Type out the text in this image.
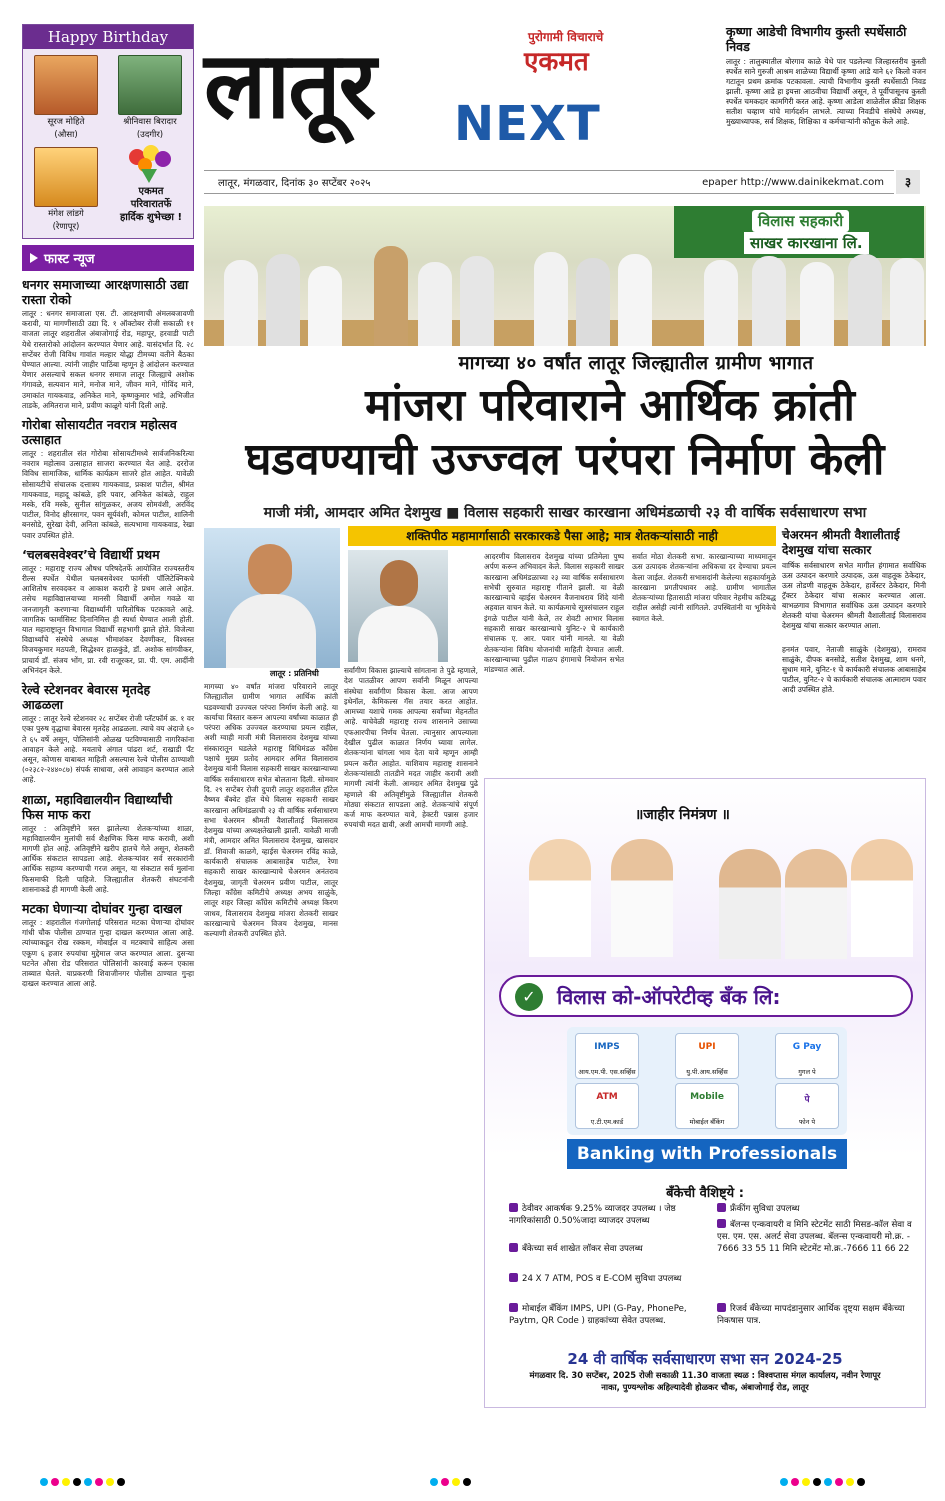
Happy Birthday
सूरज मोहिते
(औसा)
श्रीनिवास बिरादार
(उदगीर)
मंगेश लांडगे
(रेणापूर)
एकमत
परिवारातर्फे
हार्दिक शुभेच्छा !
फास्ट न्यूज
धनगर समाजाच्या आरक्षणासाठी उद्या रास्ता रोको
लातूर : धनगर समाजाला एस. टी. आरक्षणाची अंमलबजावणी करावी, या मागणीसाठी उद्या दि. १ ऑक्टोबर रोजी सकाळी ११ वाजता लातूर शहरातील अंबाजोगाई रोड, महापूर, हरवाडी पाटी येथे रास्तारोको आंदोलन करण्यात येणार आहे. यासंदर्भात दि. २८ सप्टेंबर रोजी विविध गावांत मल्हार योद्धा टीमच्या वतीने बैठका घेण्यात आल्या. त्यांनी जाहीर पाठिंबा म्हणून हे आंदोलन करण्यात येणार असल्याचे सकल धनगर समाज लातूर जिल्ह्याचे अशोक गंगावळे, सत्यवान माने, मनोज माने, जीवन माने, गोविंद माने, उमाकांत गायकवाड, अनिकेत माने, कृष्णकुमार भांडे, अभिजीत ताडके, अमितराज माने, प्रवीण काळूगे यांनी दिली आहे.
गोरोबा सोसायटीत नवरात्र महोत्सव उत्साहात
लातूर : शहरातील संत गोरोबा सोसायटीमध्ये सार्वजनिकरित्या नवरात्र महोत्सव उत्साहात साजरा करण्यात येत आहे. दररोज विविध सामाजिक, धार्मिक कार्यक्रम साजरे होत आहेत. यावेळी सोसायटीचे संचालक दत्तात्रय गायकवाड, प्रकाश पाटील, श्रीमंत गायकवाड, महादू कांबळे, हरि पवार, अनिकेत कांबळे, राहुल मस्के, रवि मस्के, सुनील सांगुळकर, अजय सोमवंशी, अरविंद पाटील, विनोद क्षीरसागर, पवन सूर्यवंशी, कोमल पाटील, शालिनी बनसोडे, सुरेखा देवी, अनिता कांबळे, सत्यभामा गायकवाड, रेखा पवार उपस्थित होते.
‘चलबसवेश्वर’चे विद्यार्थी प्रथम
लातूर : महाराष्ट्र राज्य औषध परिषदेतर्फे आयोजित राज्यस्तरीय रील्स स्पर्धेत येथील चलबसवेश्वर फार्मसी पॉलिटेक्निकचे आशितोष सरवदकर व आकाश कदारी हे प्रथम आले आहेत. तसेच महाविद्यालयाच्या मानसी विद्यार्थी अमोल गवळे या जनजागृती करणाऱ्या विद्यार्थ्यांनी पारितोषिक पटकावले आहे. जागतिक फार्मासिस्ट दिनानिमित्त ही स्पर्धा घेण्यात आली होती. यात महाराष्ट्रातून विभागात विद्यार्थी सहभागी झाले होते. विजेत्या विद्यार्थ्यांचे संस्थेचे अध्यक्ष भीमाशंकर देवणीकर, विश्वस्त विजयकुमार मठपती, सिद्धेश्वर हाळकुंडे, डॉ. अशोक सांगवीकर, प्राचार्य डॉ. संजय भोंग, प्रा. रवी राजूरकर, प्रा. पी. एम. आदींनी अभिनंदन केले.
रेल्वे स्टेशनवर बेवारस मृतदेह आढळला
लातूर : लातूर रेल्वे स्टेशनवर २८ सप्टेंबर रोजी प्लॅटफॉर्म क्र. १ वर एका पुरुष वृद्धाचा बेवारस मृतदेह आढळला. त्याचे वय अंदाजे ६० ते ६५ वर्षे असून, पोलिसांनी ओळख पटविण्यासाठी नागरिकांना आवाहन केले आहे. मयताचे अंगात पांढरा शर्ट, राखाडी पँट असून, कोणास याबाबत माहिती असल्यास रेल्वे पोलीस ठाण्याशी (०२३८२-२४४०८७) संपर्क साधावा, असे आवाहन करण्यात आले आहे.
शाळा, महाविद्यालयीन विद्यार्थ्यांची फिस माफ करा
लातूर : अतिवृष्टीने त्रस्त झालेल्या शेतकऱ्यांच्या शाळा, महाविद्यालयीन मुलांची सर्व शैक्षणिक फिस माफ करावी, अशी मागणी होत आहे. अतिवृष्टीने खरीप हातचे गेले असून, शेतकरी आर्थिक संकटात सापडला आहे. शेतकऱ्यांवर सर्व सरकारांनी आर्थिक सहाय्य करण्याची गरज असून, या संकटात सर्व मुलांना फिसमाफी दिली पाहिजे. जिल्ह्यातील शेतकरी संघटनांनी शासनाकडे ही मागणी केली आहे.
मटका घेणाऱ्या दोघांवर गुन्हा दाखल
लातूर : शहरातील गंजगोलाई परिसरात मटका घेणाऱ्या दोघांवर गांधी चौक पोलीस ठाण्यात गुन्हा दाखल करण्यात आला आहे. त्यांच्याकडून रोख रक्कम, मोबाईल व मटक्याचे साहित्य असा एकूण ६ हजार रुपयांचा मुद्देमाल जप्त करण्यात आला. दुसऱ्या घटनेत औसा रोड परिसरात पोलिसांनी कारवाई करून एकास ताब्यात घेतले. याप्रकरणी शिवाजीनगर पोलीस ठाण्यात गुन्हा दाखल करण्यात आला आहे.
लातूर	पुरोगामी विचाराचे
एकमत
NEXT
लातूर, मंगळवार, दिनांक ३० सप्टेंबर २०२५	epaper http://www.dainikekmat.com	३
कृष्णा आडेची विभागीय कुस्ती स्पर्धेसाठी निवड
लातूर : तालुक्यातील बोरगाव काळे येथे पार पडलेल्या जिल्हास्तरीय कुस्ती स्पर्धेत साने गुरुजी आश्रम शाळेच्या विद्यार्थी कृष्णा आडे याने ६२ किलो वजन गटातून प्रथम क्रमांक पटकावला. त्याची विभागीय कुस्ती स्पर्धेसाठी निवड झाली. कृष्णा आडे हा इयत्ता आठवीचा विद्यार्थी असून, ते पूर्वीपासूनच कुस्ती स्पर्धेत चमकदार कामगिरी करत आहे. कृष्णा आडेला शाळेतील क्रीडा शिक्षक सतीश चव्हाण यांचे मार्गदर्शन लाभले. त्याच्या निवडीचे संस्थेचे अध्यक्ष, मुख्याध्यापक, सर्व शिक्षक, शिक्षिका व कर्मचाऱ्यांनी कौतुक केले आहे.
विलास सहकारी
साखर कारखाना लि.
मागच्या ४० वर्षांत लातूर जिल्ह्यातील ग्रामीण भागात
मांजरा परिवाराने आर्थिक क्रांती
घडवण्याची उज्ज्वल परंपरा निर्माण केली
माजी मंत्री, आमदार अमित देशमुख ■ विलास सहकारी साखर कारखाना अधिमंडळाची २३ वी वार्षिक सर्वसाधारण सभा
शक्तिपीठ महामार्गासाठी सरकारकडे पैसा आहे; मात्र शेतकऱ्यांसाठी नाही
लातूर : प्रतिनिधी
चेअरमन श्रीमती वैशालीताई देशमुख यांचा सत्कार
वार्षिक सर्वसाधारण सभेत मागील हंगामात सर्वाधिक ऊस उत्पादन करणारे उत्पादक, ऊस वाहतूक ठेकेदार, ऊस तोडणी वाहतूक ठेकेदार, हार्वेस्टर ठेकेदार, मिनी ट्रॅक्टर ठेकेदार यांचा सत्कार करण्यात आला. बाभळगाव विभागात सर्वाधिक ऊस उत्पादन करणारे शेतकरी यांचा चेअरमन श्रीमती वैशालीताई विलासराव देशमुख यांचा सत्कार करण्यात आला.
हनमंत पवार, नेताजी साळुंके (देशमुख), रामराव साळुंके, दीपक बनसोडे, सतीश देशमुख, शाम धनगे, सुधाम माने, युनिट-१ चे कार्यकारी संचालक आबासाहेब पाटील, युनिट-२ चे कार्यकारी संचालक आत्माराम पवार आदी उपस्थित होते.
मागच्या ४० वर्षांत मांजरा परिवाराने लातूर जिल्ह्यातील ग्रामीण भागात आर्थिक क्रांती घडवण्याची उज्ज्वल परंपरा निर्माण केली आहे. या कार्याचा विस्तार करून आपल्या वर्षांच्या काळात ही परंपरा अधिक उज्ज्वल करण्याचा प्रयत्न राहील, अशी ग्वाही माजी मंत्री विलासराव देशमुख यांच्या संस्कारातून घडलेले महाराष्ट्र विधिमंडळ काँग्रेस पक्षाचे मुख्य प्रतोद आमदार अमित विलासराव देशमुख यांनी विलास सहकारी साखर कारखान्याच्या वार्षिक सर्वसाधारण सभेत बोलताना दिली. सोमवार दि. २९ सप्टेंबर रोजी दुपारी लातूर शहरातील हॉटेल वैष्णव बँक्वेट हॉल येथे विलास सहकारी साखर कारखाना अधिमंडळाची २३ वी वार्षिक सर्वसाधारण सभा चेअरमन श्रीमती वैशालीताई विलासराव देशमुख यांच्या अध्यक्षतेखाली झाली. यावेळी माजी मंत्री, आमदार अमित विलासराव देशमुख, खासदार डॉ. शिवाजी काळगे, व्हाईस चेअरमन रविंद्र काळे, कार्यकारी संचालक आबासाहेब पाटील, रेणा सहकारी साखर कारखान्याचे चेअरमन अनंतराव देशमुख, जागृती चेअरमन प्रवीण पाटील, लातूर जिल्हा काँग्रेस कमिटीचे अध्यक्ष अभय साळुंके, लातूर शहर जिल्हा काँग्रेस कमिटीचे अध्यक्ष किरण जाधव, विलासराव देशमुख मांजरा शेतकरी साखर कारखान्याचे चेअरमन विजय देशमुख, मानस कल्याणी शेतकरी उपस्थित होते.
सर्वांगीण विकास झाल्याचे सांगताना ते पुढे म्हणाले, देश पातळीवर आपण सर्वांनी मिळून आपल्या संस्थेचा सर्वांगीण विकास केला. आज आपण इथेनॉल, केमिकल्स गॅस तयार करत आहोत. आमच्या यशाचे गमक आपल्या सर्वांच्या मेहनतीत आहे. याचेवेळी महाराष्ट्र राज्य शासनाने उसाच्या एफआरपीचा निर्णय घेतला. त्यानुसार आपल्याला देखील पुढील काळात निर्णय घ्यावा लागेल. शेतकऱ्यांना चांगला भाव देता यावे म्हणून आम्ही प्रयत्न करीत आहोत. याशिवाय महाराष्ट्र शासनाने शेतकऱ्यांसाठी तातडीने मदत जाहीर करावी अशी मागणी त्यांनी केली. आमदार अमित देशमुख पुढे म्हणाले की अतिवृष्टीमुळे जिल्ह्यातील शेतकरी मोठ्या संकटात सापडला आहे. शेतकऱ्यांचे संपूर्ण कर्ज माफ करण्यात यावे, हेक्टरी पन्नास हजार रुपयांची मदत द्यावी, अशी आमची मागणी आहे.
आदरणीय विलासराव देशमुख यांच्या प्रतिमेला पुष्प अर्पण करून अभिवादन केले. विलास सहकारी साखर कारखाना अधिमंडळाच्या २३ व्या वार्षिक सर्वसाधारण सभेची सुरुवात महाराष्ट्र गीताने झाली. या वेळी कारखान्याचे व्हाईस चेअरमन वैजनाथराव शिंदे यांनी अहवाल वाचन केले. या कार्यक्रमाचे सूत्रसंचालन राहुल इंगळे पाटील यांनी केले, तर शेवटी आभार विलास सहकारी साखर कारखान्याचे युनिट-२ चे कार्यकारी संचालक ए. आर. पवार यांनी मानले. या वेळी शेतकऱ्यांना विविध योजनांची माहिती देण्यात आली. कारखान्याच्या पुढील गाळप हंगामाचे नियोजन सभेत मांडण्यात आले.
सर्वात मोठा शेतकरी सभा. कारखान्याच्या माध्यमातून ऊस उत्पादक शेतकऱ्यांना अधिकचा दर देण्याचा प्रयत्न केला जाईल. शेतकरी सभासदांनी केलेल्या सहकार्यामुळे कारखाना प्रगतीपथावर आहे. ग्रामीण भागातील शेतकऱ्यांच्या हितासाठी मांजरा परिवार नेहमीच कटिबद्ध राहील असेही त्यांनी सांगितले. उपस्थितांनी या भूमिकेचे स्वागत केले.
॥जाहीर निमंत्रण ॥
✓	विलास को-ऑपरेटीव्ह बँक लि:
IMPS
आय.एम.पी. एस.सर्व्हिस
UPI
यु.पी.आय.सर्व्हिस
G Pay
गुगल पे
ATM
ए.टी.एम.कार्ड
Mobile
मोबाईल बँकिंग
पे
फोन पे
Banking with Professionals
बँकेची वैशिष्ट्ये :
ठेवीवर आकर्षक 9.25% व्याजदर उपलब्ध । जेष्ठ नागरिकांसाठी 0.50%जादा व्याजदर उपलब्ध
बँकेच्या सर्व शाखेत लॉकर सेवा उपलब्ध
24 X 7 ATM, POS व E-COM सुविधा उपलब्ध
मोबाईल बँकिंग IMPS, UPI (G-Pay, PhonePe, Paytm, QR Code ) ग्राहकांच्या सेवेत उपलब्ध.
फ्रँकींग सुविधा उपलब्ध
बॅलन्स एन्कवायरी व मिनि स्टेटमेंट साठी मिसड-कॉल सेवा व एस. एम. एस. अलर्ट सेवा उपलब्ध. बॅलन्स एन्कवायरी मो.क्र. - 7666 33 55 11 मिनि स्टेटमेंट मो.क्र.-7666 11 66 22
रिजर्व बँकेच्या मापदंडानुसार आर्थिक दृष्ट्या सक्षम बँकेच्या निकषास पात्र.
24 वी वार्षिक सर्वसाधारण सभा सन 2024-25
मंगळवार दि. 30 सप्टेंबर, 2025 रोजी सकाळी 11.30 वाजता स्थळ : विश्वप्तास मंगल कार्यालय, नवीन रेणापूर नाका, पुण्यश्लोक अहिल्यादेवी होळकर चौक, अंबाजोगाई रोड, लातूर
